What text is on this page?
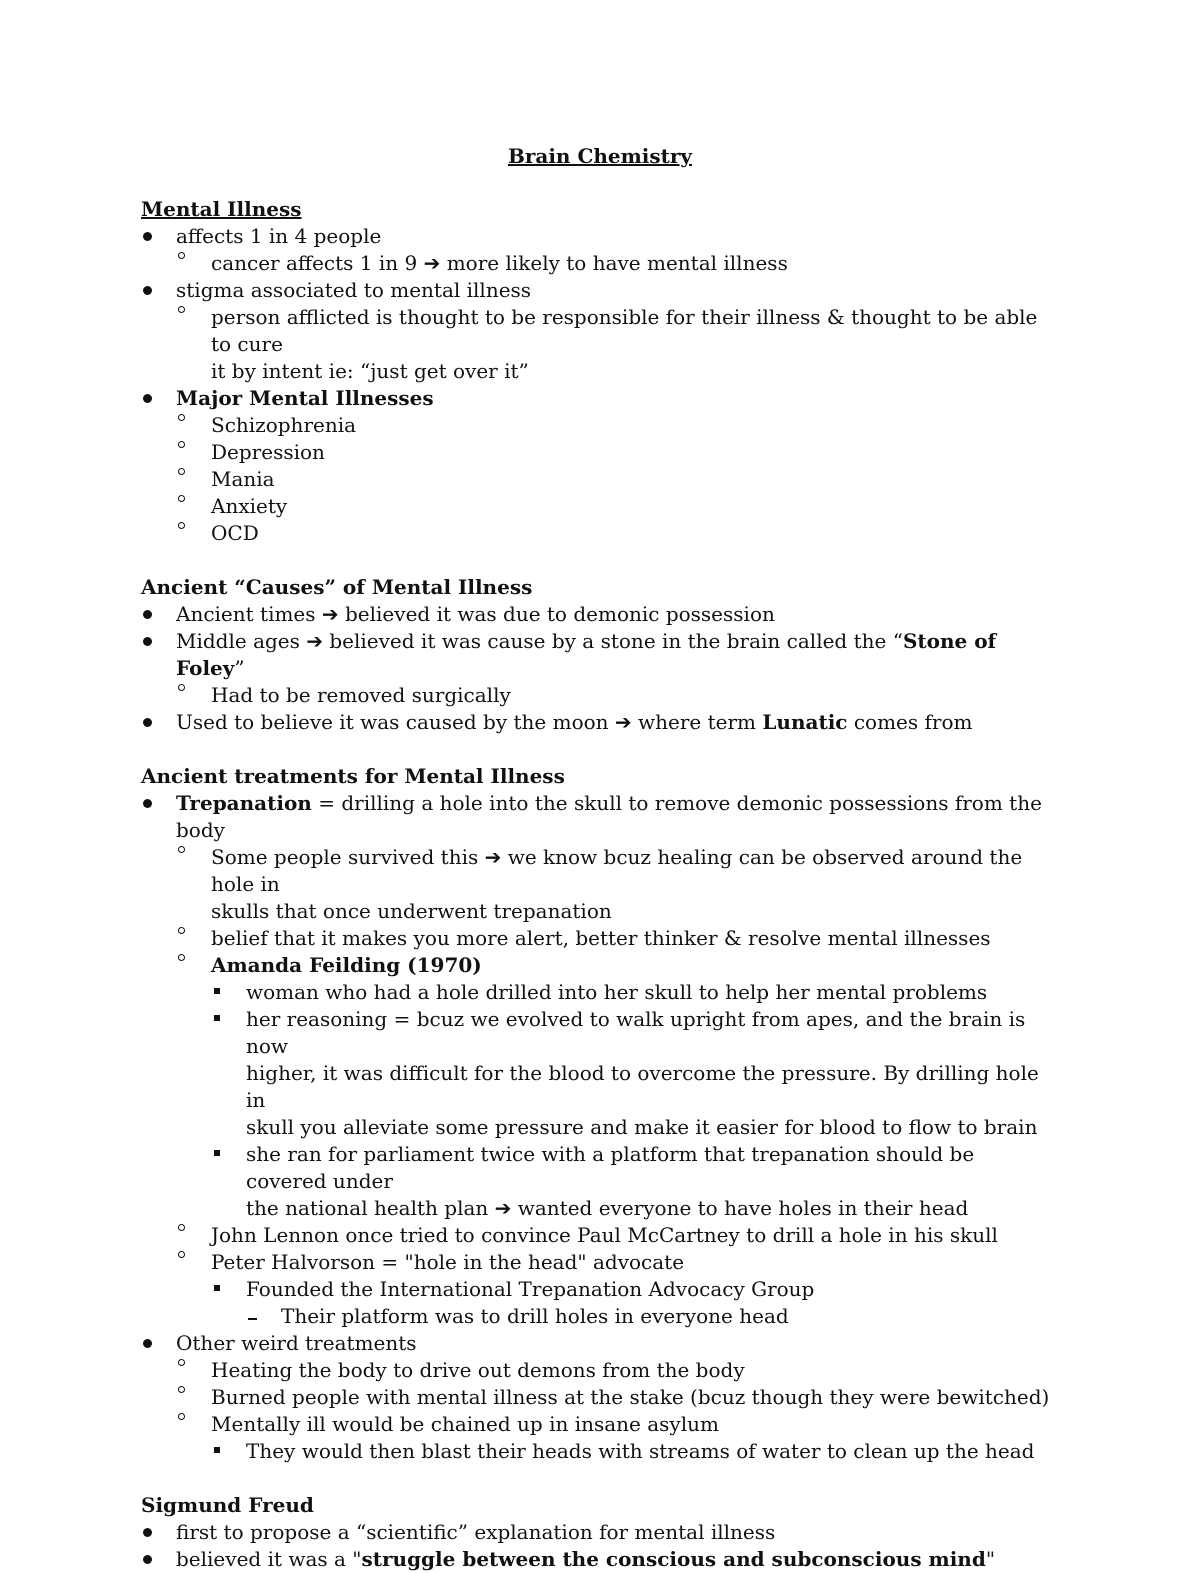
Brain Chemistry
Mental Illness
affects 1 in 4 people
cancer affects 1 in 9 ➔ more likely to have mental illness
stigma associated to mental illness
person afflicted is thought to be responsible for their illness & thought to be able to cure
it by intent ie: “just get over it”
Major Mental Illnesses
Schizophrenia
Depression
Mania
Anxiety
OCD
Ancient “Causes” of Mental Illness
Ancient times ➔ believed it was due to demonic possession
Middle ages ➔ believed it was cause by a stone in the brain called the “Stone of Foley”
Had to be removed surgically
Used to believe it was caused by the moon ➔ where term Lunatic comes from
Ancient treatments for Mental Illness
Trepanation = drilling a hole into the skull to remove demonic possessions from the body
Some people survived this ➔ we know bcuz healing can be observed around the hole in
skulls that once underwent trepanation
belief that it makes you more alert, better thinker & resolve mental illnesses
Amanda Feilding (1970)
woman who had a hole drilled into her skull to help her mental problems
her reasoning = bcuz we evolved to walk upright from apes, and the brain is now
higher, it was difficult for the blood to overcome the pressure. By drilling hole in
skull you alleviate some pressure and make it easier for blood to flow to brain
she ran for parliament twice with a platform that trepanation should be covered under
the national health plan ➔ wanted everyone to have holes in their head
John Lennon once tried to convince Paul McCartney to drill a hole in his skull
Peter Halvorson = "hole in the head" advocate
Founded the International Trepanation Advocacy Group
Their platform was to drill holes in everyone head
Other weird treatments
Heating the body to drive out demons from the body
Burned people with mental illness at the stake (bcuz though they were bewitched)
Mentally ill would be chained up in insane asylum
They would then blast their heads with streams of water to clean up the head
Sigmund Freud
first to propose a “scientific” explanation for mental illness
believed it was a "struggle between the conscious and subconscious mind"
